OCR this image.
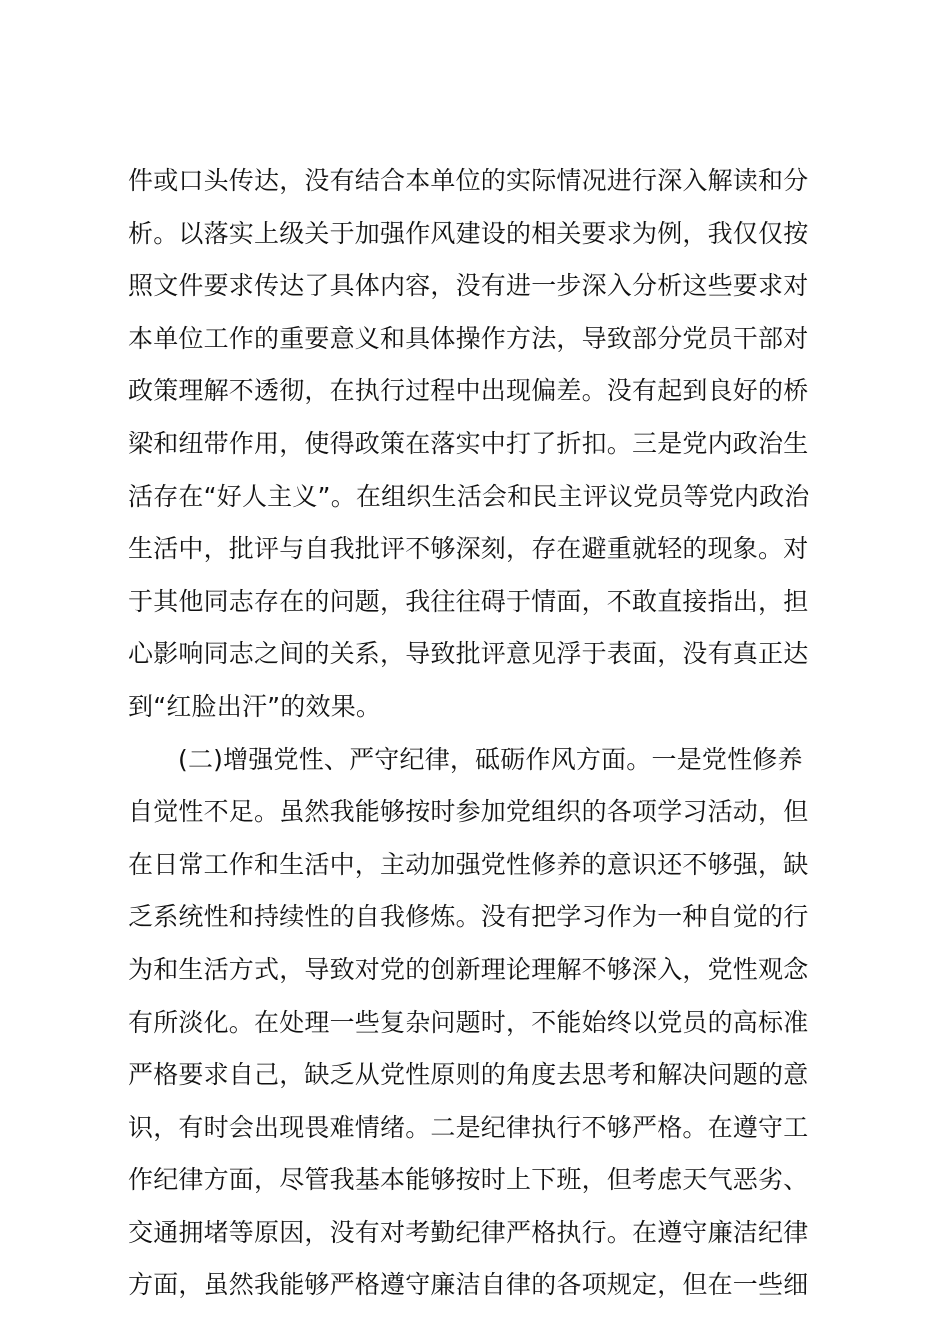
件或口头传达，没有结合本单位的实际情况进行深入解读和分
析。以落实上级关于加强作风建设的相关要求为例，我仅仅按
照文件要求传达了具体内容，没有进一步深入分析这些要求对
本单位工作的重要意义和具体操作方法，导致部分党员干部对
政策理解不透彻，在执行过程中出现偏差。没有起到良好的桥
梁和纽带作用，使得政策在落实中打了折扣。三是党内政治生
活存在“好人主义”。在组织生活会和民主评议党员等党内政治
生活中，批评与自我批评不够深刻，存在避重就轻的现象。对
于其他同志存在的问题，我往往碍于情面，不敢直接指出，担
心影响同志之间的关系，导致批评意见浮于表面，没有真正达
到“红脸出汗”的效果。
(二)增强党性、严守纪律，砥砺作风方面。一是党性修养
自觉性不足。虽然我能够按时参加党组织的各项学习活动，但
在日常工作和生活中，主动加强党性修养的意识还不够强，缺
乏系统性和持续性的自我修炼。没有把学习作为一种自觉的行
为和生活方式，导致对党的创新理论理解不够深入，党性观念
有所淡化。在处理一些复杂问题时，不能始终以党员的高标准
严格要求自己，缺乏从党性原则的角度去思考和解决问题的意
识，有时会出现畏难情绪。二是纪律执行不够严格。在遵守工
作纪律方面，尽管我基本能够按时上下班，但考虑天气恶劣、
交通拥堵等原因，没有对考勤纪律严格执行。在遵守廉洁纪律
方面，虽然我能够严格遵守廉洁自律的各项规定，但在一些细
